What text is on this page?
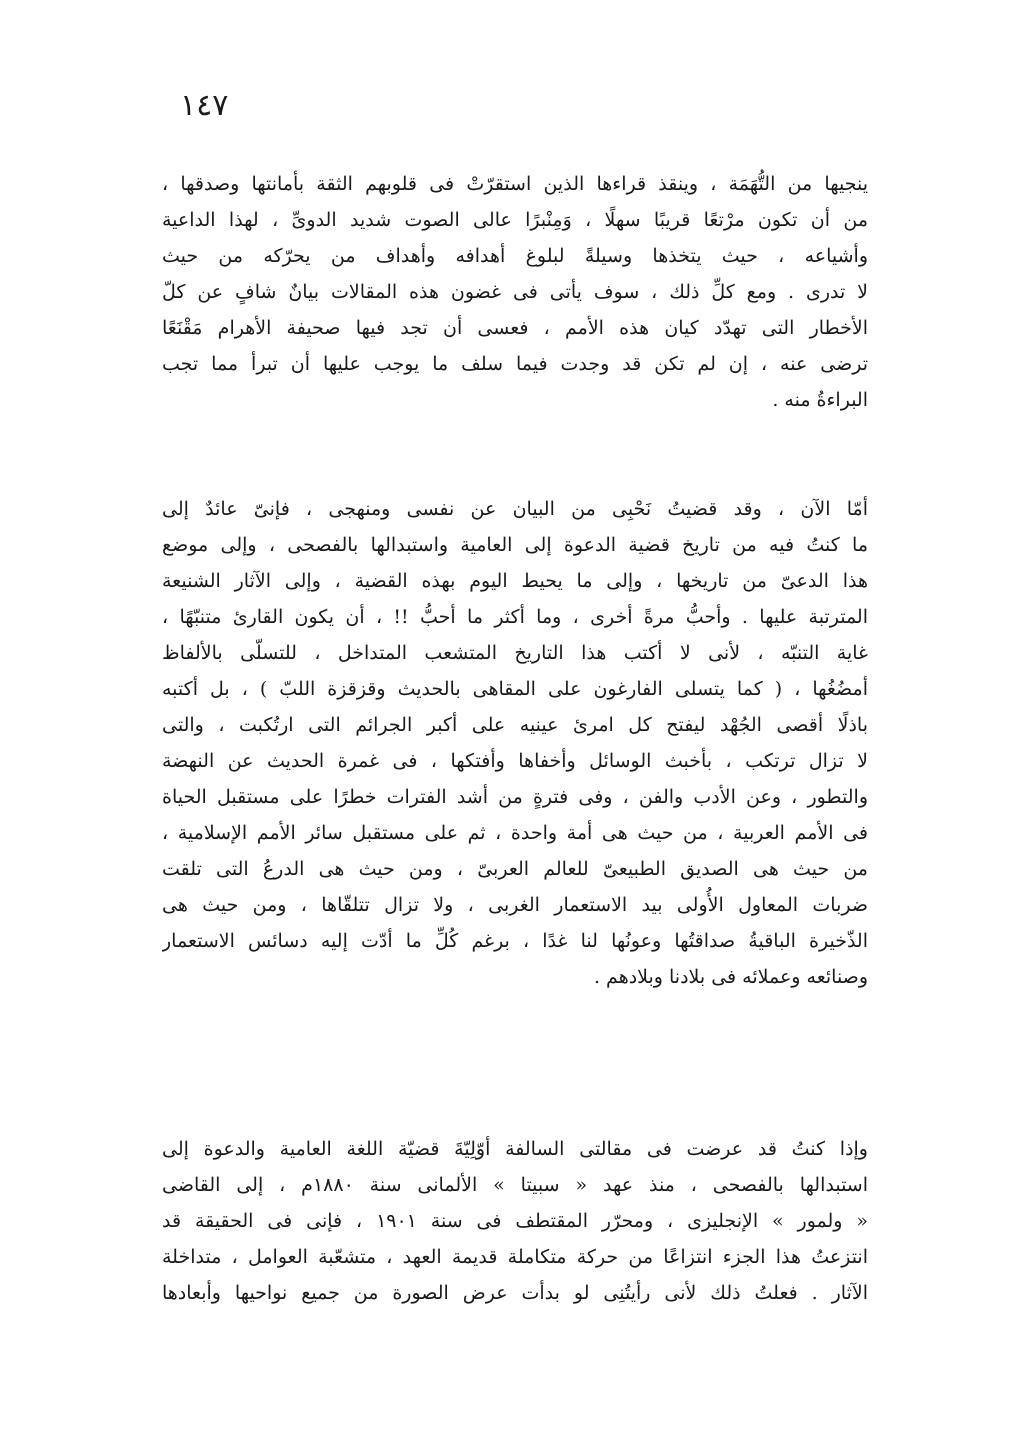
١٤٧
ينجيها من التُّهَمَة ، وينقذ قراءها الذين استقرّتْ فى قلوبهم الثقة بأمانتها وصدقها ،
من أن تكون مرْتعًا قريبًا سهلًا ، وَمِنْبرًا عالى الصوت شديد الدوىِّ ، لهذا الداعية
وأشياعه ، حيث يتخذها وسيلةً لبلوغ أهدافه وأهداف من يحرّكه من حيث
لا تدرى . ومع كلِّ ذلك ، سوف يأتى فى غضون هذه المقالات بيانٌ شافٍ عن كلّ
الأخطار التى تهدّد كيان هذه الأمم ، فعسى أن تجد فيها صحيفة الأهرام مَقْنَعًا
ترضى عنه ، إن لم تكن قد وجدت فيما سلف ما يوجب عليها أن تبرأ مما تجب
البراءةُ منه .
أمّا الآن ، وقد قضيتُ نَحْبِى من البيان عن نفسى ومنهجى ، فإنىّ عائدٌ إلى
ما كنتُ فيه من تاريخ قضية الدعوة إلى العامية واستبدالها بالفصحى ، وإلى موضع
هذا الدعىّ من تاريخها ، وإلى ما يحيط اليوم بهذه القضية ، وإلى الآثار الشنيعة
المترتبة عليها . وأحبُّ مرةً أخرى ، وما أكثر ما أحبُّ !! ، أن يكون القارئ متنبّهًا ،
غاية التنبّه ، لأنى لا أكتب هذا التاريخ المتشعب المتداخل ، للتسلّى بالألفاظ
أمضُغُها ، ( كما يتسلى الفارغون على المقاهى بالحديث وقزقزة اللبّ ) ، بل أكتبه
باذلًا أقصى الجُهْد ليفتح كل امرئ عينيه على أكبر الجرائم التى ارتُكبت ، والتى
لا تزال ترتكب ، بأخبث الوسائل وأخفاها وأفتكها ، فى غمرة الحديث عن النهضة
والتطور ، وعن الأدب والفن ، وفى فترةٍ من أشد الفترات خطرًا على مستقبل الحياة
فى الأمم العربية ، من حيث هى أمة واحدة ، ثم على مستقبل سائر الأمم الإسلامية ،
من حيث هى الصديق الطبيعىّ للعالم العربىّ ، ومن حيث هى الدرعُ التى تلقت
ضربات المعاول الأُولى بيد الاستعمار الغربى ، ولا تزال تتلقّاها ، ومن حيث هى
الذّخيرة الباقيةُ صداقتُها وعونُها لنا غدًا ، برغم كُلِّ ما أدّت إليه دسائس الاستعمار
وصنائعه وعملائه فى بلادنا وبلادهم .
وإذا كنتُ قد عرضت فى مقالتى السالفة أوّلِيّةَ قضيّة اللغة العامية والدعوة إلى
استبدالها بالفصحى ، منذ عهد « سبيتا » الألمانى سنة ١٨٨٠م ، إلى القاضى
« ولمور » الإنجليزى ، ومحرّر المقتطف فى سنة ١٩٠١ ، فإنى فى الحقيقة قد
انتزعتُ هذا الجزء انتزاعًا من حركة متكاملة قديمة العهد ، متشعّبة العوامل ، متداخلة
الآثار . فعلتُ ذلك لأنى رأيتُنِى لو بدأت عرض الصورة من جميع نواحيها وأبعادها
